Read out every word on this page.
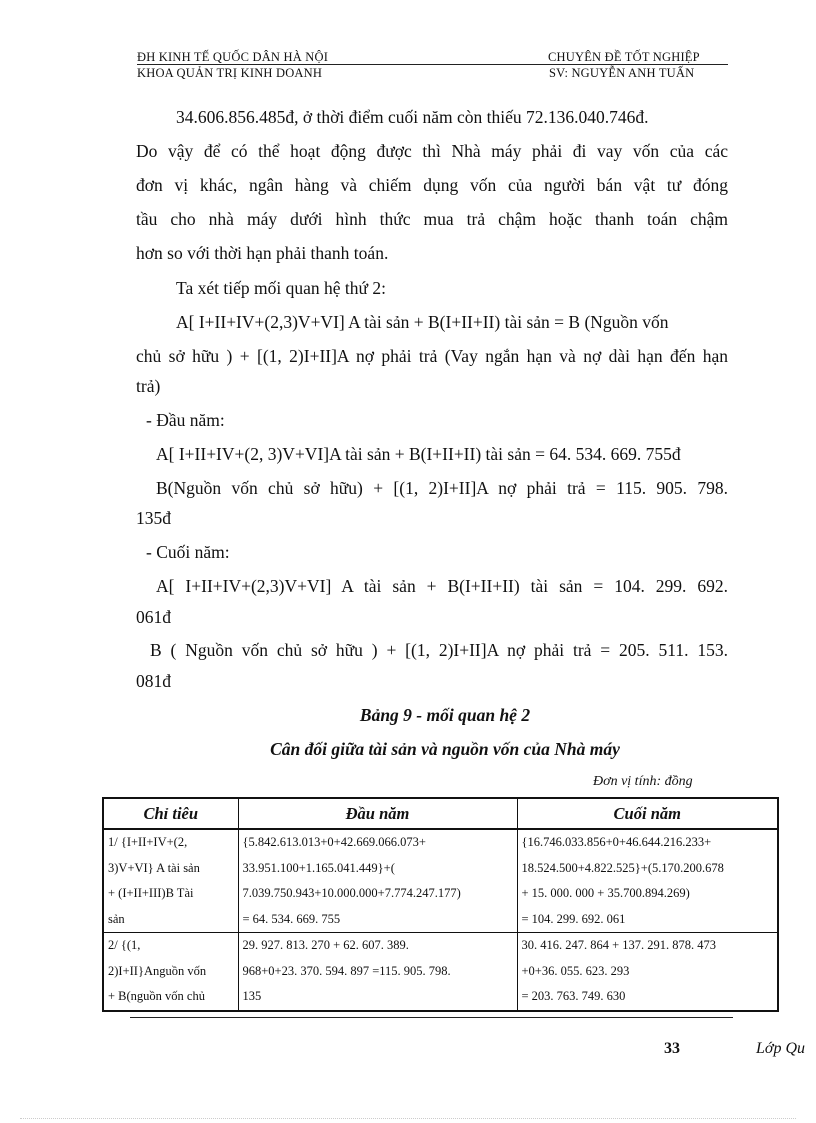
ĐH KINH TẾ QUỐC DÂN HÀ NỘI	CHUYÊN ĐỀ TỐT NGHIỆP
KHOA QUẢN TRỊ KINH DOANH	SV: NGUYỄN ANH TUẤN
34.606.856.485đ, ở thời điểm cuối năm còn thiếu 72.136.040.746đ.
Do vậy để có thể hoạt động được thì Nhà máy phải đi vay vốn của các
đơn vị khác, ngân hàng và chiếm dụng vốn của người bán vật tư đóng
tầu cho nhà máy dưới hình thức mua trả chậm hoặc thanh toán chậm
hơn so với thời hạn phải thanh toán.
Ta xét tiếp mối quan hệ thứ 2:
A[ I+II+IV+(2,3)V+VI] A tài sản + B(I+II+II) tài sản = B (Nguồn vốn
chủ sở hữu ) + [(1, 2)I+II]A nợ phải trả (Vay ngắn hạn và nợ dài hạn đến hạn
trả)
- Đầu năm:
A[ I+II+IV+(2, 3)V+VI]A tài sản + B(I+II+II) tài sản = 64. 534. 669. 755đ
B(Nguồn vốn chủ sở hữu) + [(1, 2)I+II]A nợ phải trả = 115. 905. 798.
135đ
- Cuối năm:
A[ I+II+IV+(2,3)V+VI] A tài sản + B(I+II+II) tài sản = 104. 299. 692.
061đ
B ( Nguồn vốn chủ sở hữu ) + [(1, 2)I+II]A nợ phải trả = 205. 511. 153.
081đ
Bảng 9 - mối quan hệ 2
Cân đối giữa tài sản và nguồn vốn của Nhà máy
Đơn vị tính: đồng
Chỉ tiêu	Đầu năm	Cuối năm

1/ {I+II+IV+(2,
3)V+VI} A tài sản
+ (I+II+III)B Tài
sản	{5.842.613.013+0+42.669.066.073+
33.951.100+1.165.041.449}+(
7.039.750.943+10.000.000+7.774.247.177)
= 64. 534. 669. 755	{16.746.033.856+0+46.644.216.233+
18.524.500+4.822.525}+(5.170.200.678
+ 15. 000. 000 + 35.700.894.269)
= 104. 299. 692. 061

2/ {(1,
2)I+II}Anguồn vốn
+ B(nguồn vốn chủ	29. 927. 813. 270 + 62. 607. 389.
968+0+23. 370. 594. 897 =115. 905. 798.
135	30. 416. 247. 864 + 137. 291. 878. 473
+0+36. 055. 623. 293
= 203. 763. 749. 630
33	Lớp Qu
